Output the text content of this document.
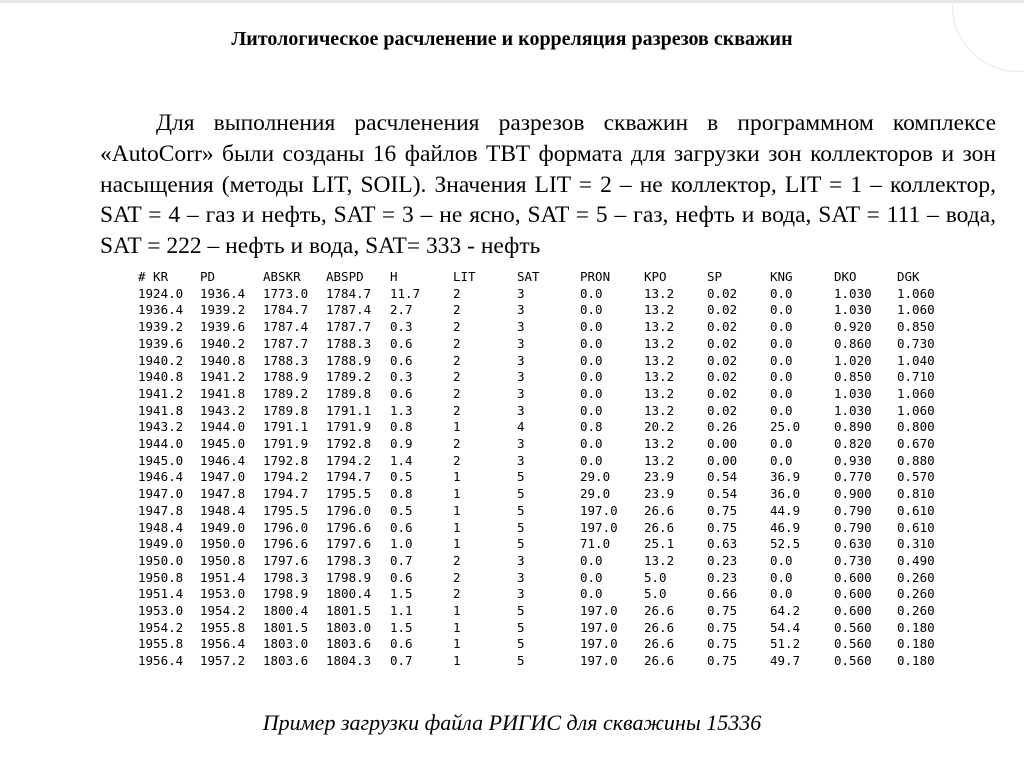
Литологическое расчленение и корреляция разрезов скважин
Для выполнения расчленения разрезов скважин в программном комплексе «AutoCorr» были созданы 16 файлов ТВТ формата для загрузки зон коллекторов и зон насыщения (методы LIT, SOIL). Значения LIT = 2 – не коллектор, LIT = 1 – коллектор, SAT = 4 – газ и нефть, SAT = 3 – не ясно, SAT = 5 – газ, нефть и вода, SAT = 111 – вода, SAT = 222 – нефть и вода, SAT= 333 - нефть
# KR	PD	ABSKR	ABSPD	H	LIT	SAT	PRON	KPO	SP	KNG	DKO	DGK
1924.0	1936.4	1773.0	1784.7	11.7	2	3	0.0	13.2	0.02	0.0	1.030	1.060
1936.4	1939.2	1784.7	1787.4	2.7	2	3	0.0	13.2	0.02	0.0	1.030	1.060
1939.2	1939.6	1787.4	1787.7	0.3	2	3	0.0	13.2	0.02	0.0	0.920	0.850
1939.6	1940.2	1787.7	1788.3	0.6	2	3	0.0	13.2	0.02	0.0	0.860	0.730
1940.2	1940.8	1788.3	1788.9	0.6	2	3	0.0	13.2	0.02	0.0	1.020	1.040
1940.8	1941.2	1788.9	1789.2	0.3	2	3	0.0	13.2	0.02	0.0	0.850	0.710
1941.2	1941.8	1789.2	1789.8	0.6	2	3	0.0	13.2	0.02	0.0	1.030	1.060
1941.8	1943.2	1789.8	1791.1	1.3	2	3	0.0	13.2	0.02	0.0	1.030	1.060
1943.2	1944.0	1791.1	1791.9	0.8	1	4	0.8	20.2	0.26	25.0	0.890	0.800
1944.0	1945.0	1791.9	1792.8	0.9	2	3	0.0	13.2	0.00	0.0	0.820	0.670
1945.0	1946.4	1792.8	1794.2	1.4	2	3	0.0	13.2	0.00	0.0	0.930	0.880
1946.4	1947.0	1794.2	1794.7	0.5	1	5	29.0	23.9	0.54	36.9	0.770	0.570
1947.0	1947.8	1794.7	1795.5	0.8	1	5	29.0	23.9	0.54	36.0	0.900	0.810
1947.8	1948.4	1795.5	1796.0	0.5	1	5	197.0	26.6	0.75	44.9	0.790	0.610
1948.4	1949.0	1796.0	1796.6	0.6	1	5	197.0	26.6	0.75	46.9	0.790	0.610
1949.0	1950.0	1796.6	1797.6	1.0	1	5	71.0	25.1	0.63	52.5	0.630	0.310
1950.0	1950.8	1797.6	1798.3	0.7	2	3	0.0	13.2	0.23	0.0	0.730	0.490
1950.8	1951.4	1798.3	1798.9	0.6	2	3	0.0	5.0	0.23	0.0	0.600	0.260
1951.4	1953.0	1798.9	1800.4	1.5	2	3	0.0	5.0	0.66	0.0	0.600	0.260
1953.0	1954.2	1800.4	1801.5	1.1	1	5	197.0	26.6	0.75	64.2	0.600	0.260
1954.2	1955.8	1801.5	1803.0	1.5	1	5	197.0	26.6	0.75	54.4	0.560	0.180
1955.8	1956.4	1803.0	1803.6	0.6	1	5	197.0	26.6	0.75	51.2	0.560	0.180
1956.4	1957.2	1803.6	1804.3	0.7	1	5	197.0	26.6	0.75	49.7	0.560	0.180
Пример загрузки файла РИГИС для скважины 15336
